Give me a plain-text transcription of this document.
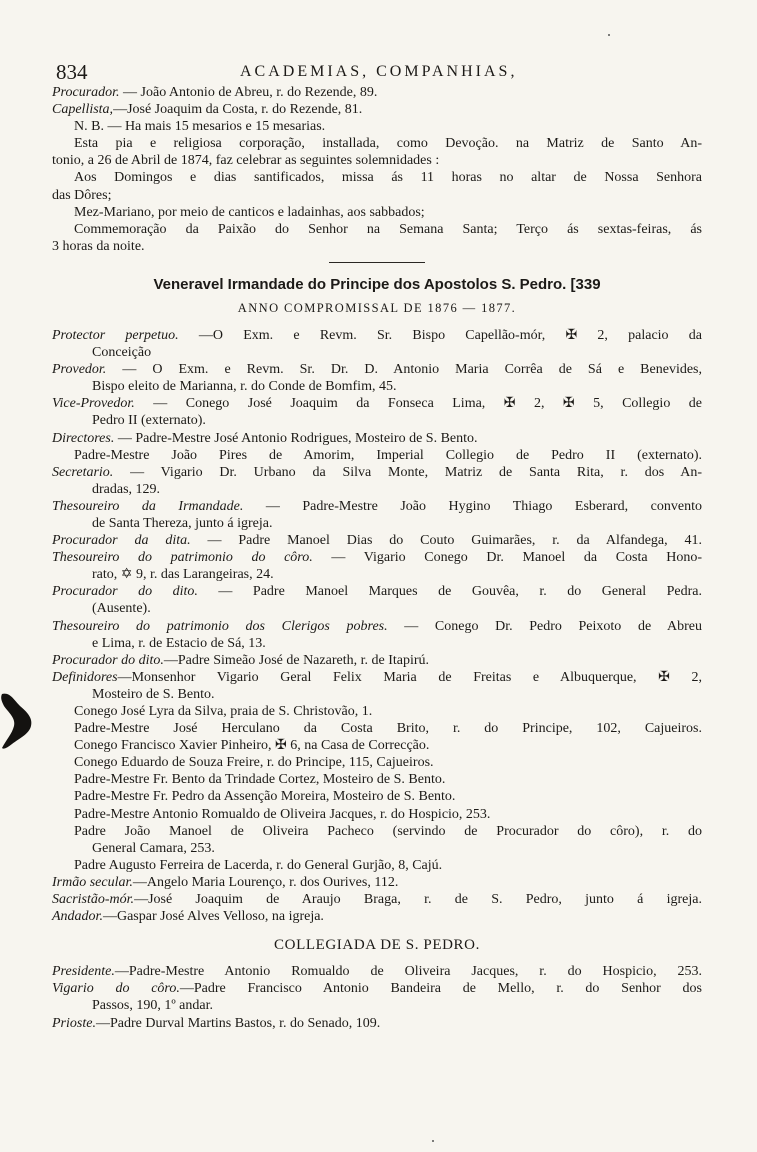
834	ACADEMIAS, COMPANHIAS,
Procurador. — João Antonio de Abreu, r. do Rezende, 89.
Capellista,—José Joaquim da Costa, r. do Rezende, 81.
N. B. — Ha mais 15 mesarios e 15 mesarias.
Esta pia e religiosa corporação, installada, como Devoção. na Matriz de Santo An-
tonio, a 26 de Abril de 1874, faz celebrar as seguintes solemnidades :
Aos Domingos e dias santificados, missa ás 11 horas no altar de Nossa Senhora
das Dôres;
Mez-Mariano, por meio de canticos e ladainhas, aos sabbados;
Commemoração da Paixão do Senhor na Semana Santa; Terço ás sextas-feiras, ás
3 horas da noite.
Veneravel Irmandade do Principe dos Apostolos S. Pedro. [339
ANNO COMPROMISSAL DE 1876 — 1877.
Protector perpetuo. —O Exm. e Revm. Sr. Bispo Capellão-mór, ✠ 2, palacio da
Conceição
Provedor. — O Exm. e Revm. Sr. Dr. D. Antonio Maria Corrêa de Sá e Benevides,
Bispo eleito de Marianna, r. do Conde de Bomfim, 45.
Vice-Provedor. — Conego José Joaquim da Fonseca Lima, ✠ 2, ✠ 5, Collegio de
Pedro II (externato).
Directores. — Padre-Mestre José Antonio Rodrigues, Mosteiro de S. Bento.
Padre-Mestre João Pires de Amorim, Imperial Collegio de Pedro II (externato).
Secretario. — Vigario Dr. Urbano da Silva Monte, Matriz de Santa Rita, r. dos An-
dradas, 129.
Thesoureiro da Irmandade. — Padre-Mestre João Hygino Thiago Esberard, convento
de Santa Thereza, junto á igreja.
Procurador da dita. — Padre Manoel Dias do Couto Guimarães, r. da Alfandega, 41.
Thesoureiro do patrimonio do côro. — Vigario Conego Dr. Manoel da Costa Hono-
rato, ✡ 9, r. das Larangeiras, 24.
Procurador do dito. — Padre Manoel Marques de Gouvêa, r. do General Pedra.
(Ausente).
Thesoureiro do patrimonio dos Clerigos pobres. — Conego Dr. Pedro Peixoto de Abreu
e Lima, r. de Estacio de Sá, 13.
Procurador do dito.—Padre Simeão José de Nazareth, r. de Itapirú.
Definidores—Monsenhor Vigario Geral Felix Maria de Freitas e Albuquerque, ✠ 2,
Mosteiro de S. Bento.
Conego José Lyra da Silva, praia de S. Christovão, 1.
Padre-Mestre José Herculano da Costa Brito, r. do Principe, 102, Cajueiros.
Conego Francisco Xavier Pinheiro, ✠ 6, na Casa de Correcção.
Conego Eduardo de Souza Freire, r. do Principe, 115, Cajueiros.
Padre-Mestre Fr. Bento da Trindade Cortez, Mosteiro de S. Bento.
Padre-Mestre Fr. Pedro da Assenção Moreira, Mosteiro de S. Bento.
Padre-Mestre Antonio Romualdo de Oliveira Jacques, r. do Hospicio, 253.
Padre João Manoel de Oliveira Pacheco (servindo de Procurador do côro), r. do
General Camara, 253.
Padre Augusto Ferreira de Lacerda, r. do General Gurjão, 8, Cajú.
Irmão secular.—Angelo Maria Lourenço, r. dos Ourives, 112.
Sacristão-mór.—José Joaquim de Araujo Braga, r. de S. Pedro, junto á igreja.
Andador.—Gaspar José Alves Velloso, na igreja.
COLLEGIADA DE S. PEDRO.
Presidente.—Padre-Mestre Antonio Romualdo de Oliveira Jacques, r. do Hospicio, 253.
Vigario do côro.—Padre Francisco Antonio Bandeira de Mello, r. do Senhor dos
Passos, 190, 1º andar.
Prioste.—Padre Durval Martins Bastos, r. do Senado, 109.
